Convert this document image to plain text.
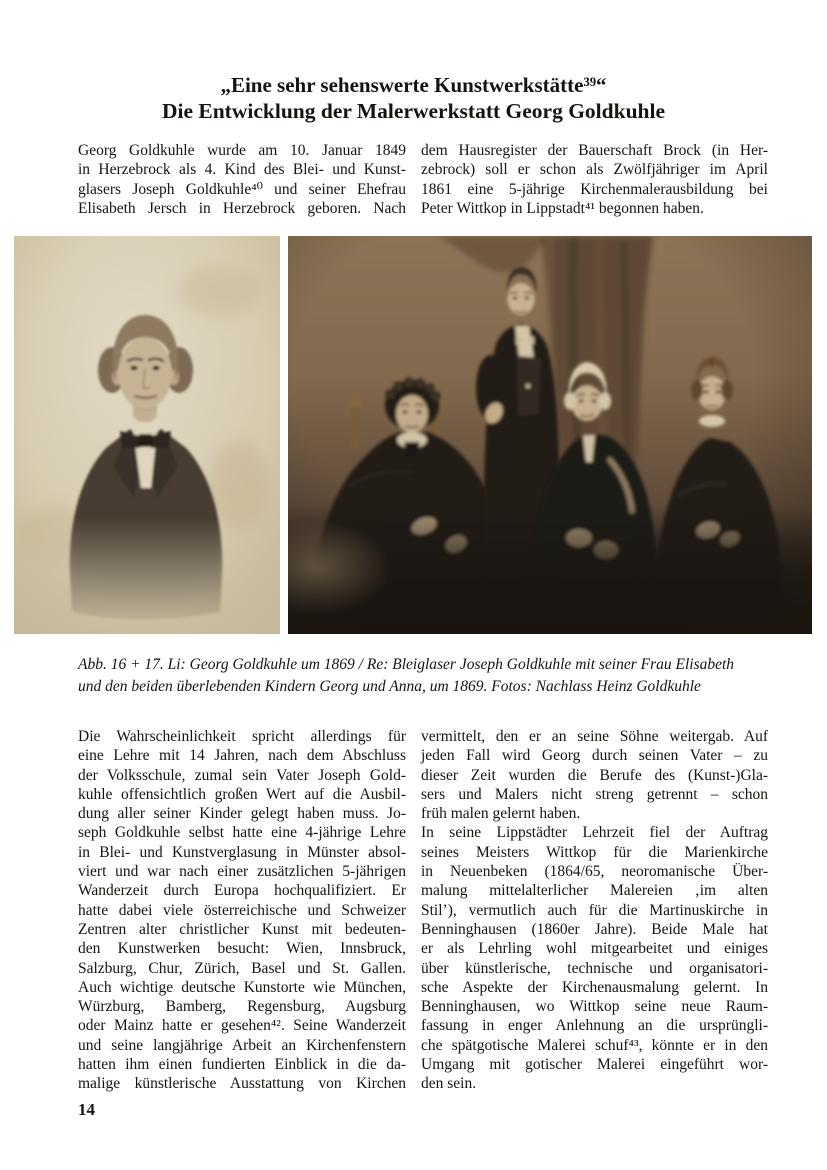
„Eine sehr sehenswerte Kunstwerkstätte³⁹“
Die Entwicklung der Malerwerkstatt Georg Goldkuhle
Georg Goldkuhle wurde am 10. Januar 1849
in Herzebrock als 4. Kind des Blei- und Kunst-
glasers Joseph Goldkuhle⁴⁰ und seiner Ehefrau
Elisabeth Jersch in Herzebrock geboren. Nach
dem Hausregister der Bauerschaft Brock (in Her-
zebrock) soll er schon als Zwölfjähriger im April
1861 eine 5-jährige Kirchenmalerausbildung bei
Peter Wittkop in Lippstadt⁴¹ begonnen haben.

Abb. 16 + 17. Li: Georg Goldkuhle um 1869 / Re: Bleiglaser Joseph Goldkuhle mit seiner Frau Elisabeth
und den beiden überlebenden Kindern Georg und Anna, um 1869. Fotos: Nachlass Heinz Goldkuhle

Die Wahrscheinlichkeit spricht allerdings für
eine Lehre mit 14 Jahren, nach dem Abschluss
der Volksschule, zumal sein Vater Joseph Gold-
kuhle offensichtlich großen Wert auf die Ausbil-
dung aller seiner Kinder gelegt haben muss. Jo-
seph Goldkuhle selbst hatte eine 4-jährige Lehre
in Blei- und Kunstverglasung in Münster absol-
viert und war nach einer zusätzlichen 5-jährigen
Wanderzeit durch Europa hochqualifiziert. Er
hatte dabei viele österreichische und Schweizer
Zentren alter christlicher Kunst mit bedeuten-
den Kunstwerken besucht: Wien, Innsbruck,
Salzburg, Chur, Zürich, Basel und St. Gallen.
Auch wichtige deutsche Kunstorte wie München,
Würzburg, Bamberg, Regensburg, Augsburg
oder Mainz hatte er gesehen⁴². Seine Wanderzeit
und seine langjährige Arbeit an Kirchenfenstern
hatten ihm einen fundierten Einblick in die da-
malige künstlerische Ausstattung von Kirchen
vermittelt, den er an seine Söhne weitergab. Auf
jeden Fall wird Georg durch seinen Vater – zu
dieser Zeit wurden die Berufe des (Kunst-)Gla-
sers und Malers nicht streng getrennt – schon
früh malen gelernt haben.
In seine Lippstädter Lehrzeit fiel der Auftrag
seines Meisters Wittkop für die Marienkirche
in Neuenbeken (1864/65, neoromanische Über-
malung mittelalterlicher Malereien ‚im alten
Stil’), vermutlich auch für die Martinuskirche in
Benninghausen (1860er Jahre). Beide Male hat
er als Lehrling wohl mitgearbeitet und einiges
über künstlerische, technische und organisatori-
sche Aspekte der Kirchenausmalung gelernt. In
Benninghausen, wo Wittkop seine neue Raum-
fassung in enger Anlehnung an die ursprüngli-
che spätgotische Malerei schuf⁴³, könnte er in den
Umgang mit gotischer Malerei eingeführt wor-
den sein.
14
